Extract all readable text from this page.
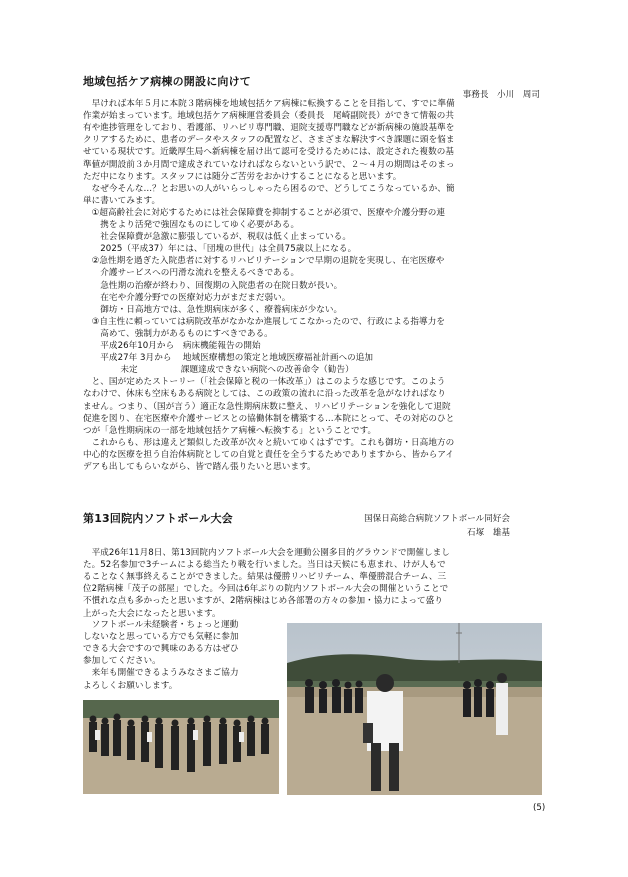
地域包括ケア病棟の開設に向けて
事務長　小川　周司
　早ければ本年５月に本院３階病棟を地域包括ケア病棟に転換することを目指して、すでに準備
作業が始まっています。地域包括ケア病棟運営委員会（委員長　尾崎副院長）ができて情報の共
有や進捗管理をしており、看護部、リハビリ専門職、退院支援専門職などが新病棟の施設基準を
クリアするために、患者のデータやスタッフの配置など、さまざまな解決すべき課題に頭を悩ま
せている現状です。近畿厚生局へ新病棟を届け出て認可を受けるためには、設定された複数の基
準値が開設前３か月間で達成されていなければならないという訳で、２～４月の期間はそのまっ
ただ中になります。スタッフには随分ご苦労をおかけすることになると思います。
　なぜ今そんな…？とお思いの人がいらっしゃったら困るので、どうしてこうなっているか、簡
単に書いてみます。
　①超高齢社会に対応するためには社会保障費を抑制することが必須で、医療や介護分野の連
　　携をより活発で強固なものにしてゆく必要がある。
　　社会保障費が急激に膨張しているが、税収は低く止まっている。
　　2025（平成37）年には、「団塊の世代」は全員75歳以上になる。
　②急性期を過ぎた入院患者に対するリハビリテーションで早期の退院を実現し、在宅医療や
　　介護サービスへの円滑な流れを整えるべきである。
　　急性期の治療が終わり、回復期の入院患者の在院日数が長い。
　　在宅や介護分野での医療対応力がまだまだ弱い。
　　御坊・日高地方では、急性期病床が多く、療養病床が少ない。
　③自主性に頼っていては病院改革がなかなか進展してこなかったので、行政による指導力を
　　高めて、強制力があるものにすべきである。
　　平成26年10月から　病床機能報告の開始
　　平成27年 3月から　 地域医療構想の策定と地域医療福祉計画への追加
　　　　 未定　　　　　課題達成できない病院への改善命令（勧告）
　と、国が定めたストーリー（「社会保障と税の一体改革」）はこのような感じです。このよう
なわけで、休床も空床もある病院としては、この政策の流れに沿った改革を急がなければなり
ません。つまり、（国が言う）適正な急性期病床数に整え、リハビリテーションを強化して退院
促進を図り、在宅医療や介護サービスとの協働体制を構築する…本院にとって、その対応のひと
つが「急性期病床の一部を地域包括ケア病棟へ転換する」ということです。
　これからも、形は違えど類似した改革が次々と続いてゆくはずです。これも御坊・日高地方の
中心的な医療を担う自治体病院としての自覚と責任を全うするためでありますから、皆からアイ
デアも出してもらいながら、皆で踏ん張りたいと思います。
第13回院内ソフトボール大会	国保日高総合病院ソフトボール同好会
石塚　雄基
　平成26年11月8日、第13回院内ソフトボール大会を運動公園多目的グラウンドで開催しまし
た。52名参加で3チームによる総当たり戦を行いました。当日は天候にも恵まれ、けが人もで
ることなく無事終えることができました。結果は優勝リハビリチーム、準優勝混合チーム、三
位2階病棟「茂子の部屋」でした。今回は6年ぶりの院内ソフトボール大会の開催ということで
不慣れな点も多かったと思いますが、2階病棟はじめ各部署の方々の参加・協力によって盛り
上がった大会になったと思います。
　ソフトボール未経験者・ちょっと運動
しないなと思っている方でも気軽に参加
できる大会ですので興味のある方はぜひ
参加してください。
　来年も開催できるようみなさまご協力
よろしくお願いします。
(5)
